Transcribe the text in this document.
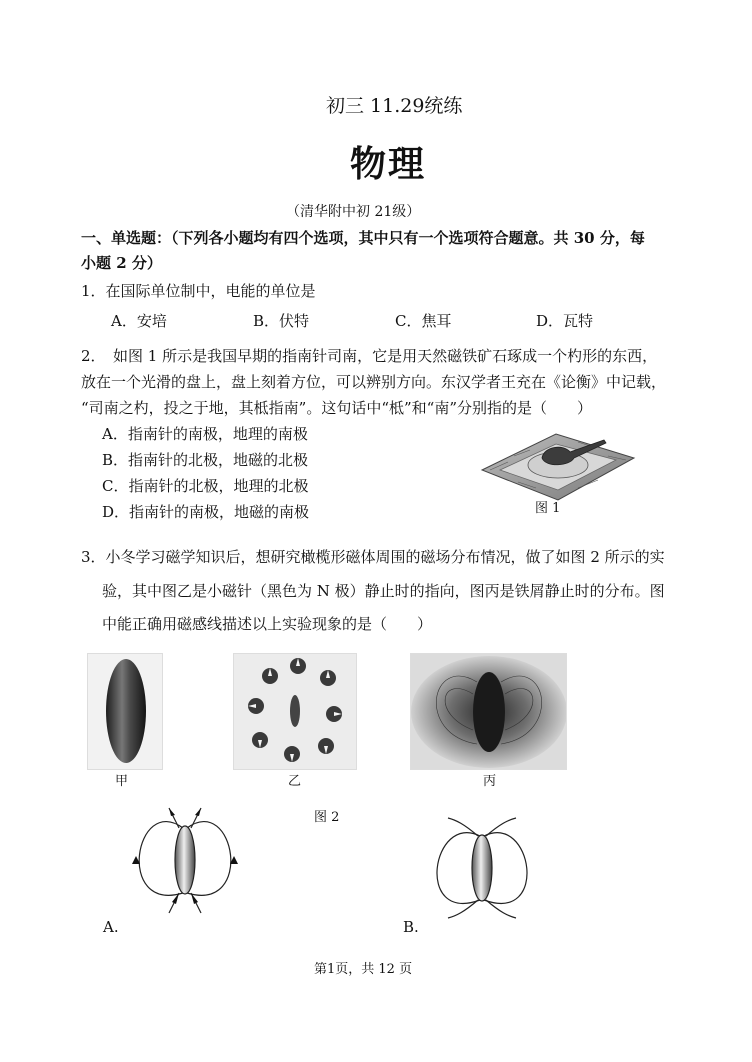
初三 11.29统练
物理
（清华附中初 21级）
一、单选题：（下列各小题均有四个选项，其中只有一个选项符合题意。共 30 分，每
小题 2 分）
1．在国际单位制中，电能的单位是
A．安培	B．伏特	C．焦耳	D．瓦特
2．　如图 1 所示是我国早期的指南针司南，它是用天然磁铁矿石琢成一个杓形的东西，
放在一个光滑的盘上，盘上刻着方位，可以辨别方向。东汉学者王充在《论衡》中记载，
“司南之杓，投之于地，其柢指南”。这句话中“柢”和“南”分别指的是（　　）
A．指南针的南极，地理的南极
B．指南针的北极，地磁的北极
C．指南针的北极，地理的北极
D．指南针的南极，地磁的南极	图 1
3．小冬学习磁学知识后，想研究橄榄形磁体周围的磁场分布情况，做了如图 2 所示的实
验，其中图乙是小磁针（黑色为 N 极）静止时的指向，图丙是铁屑静止时的分布。图
中能正确用磁感线描述以上实验现象的是（　　）
甲	乙	丙
图 2
A.	B.
第1页，共 12 页
